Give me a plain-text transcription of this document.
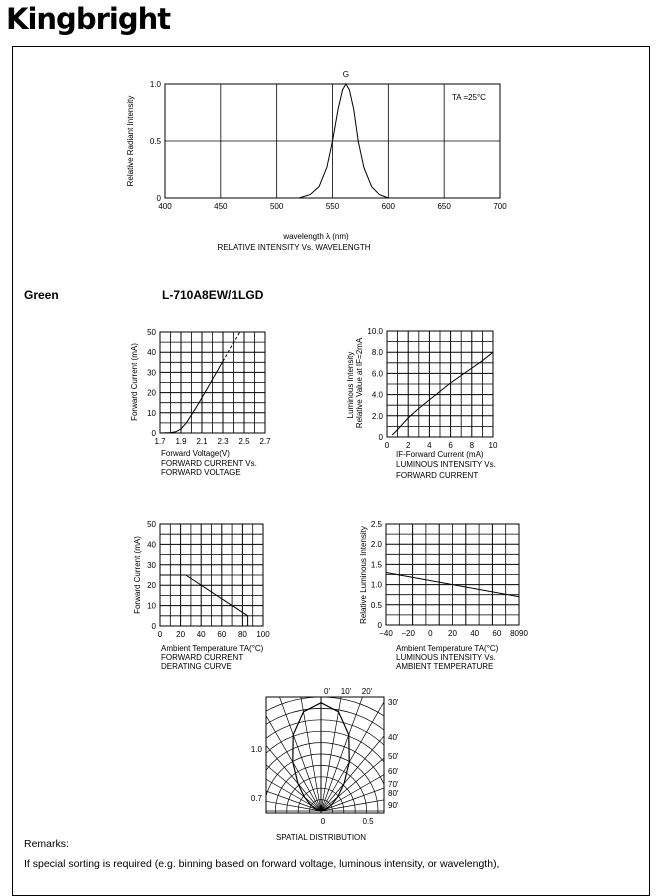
Kingbright
Green	L-710A8EW/1LGD
Remarks:
If special sorting is required (e.g. binning based on forward voltage, luminous intensity, or wavelength),
400	450	500	550	600	650	700
0
0.5
1.0
G
TA =25°C
Relative Radiant Intensity
wavelength λ (nm)
RELATIVE INTENSITY Vs. WAVELENGTH
1.7 1.9 2.1 2.3 2.5 2.7
0
10
20
30
40
50
Forward Current (mA)
Forward Voltage(V)
FORWARD CURRENT Vs.
FORWARD VOLTAGE
0 2 4 6 8 10
0
2.0
4.0
6.0
8.0
10.0
Luminous Intensity Relative Value at IF=2mA
IF-Forward Current (mA)
LUMINOUS INTENSITY Vs.
FORWARD CURRENT
0 20 40 60 80 100
0
10
20
30
40
50
Forward Current (mA)
Ambient Temperature TA(°C)
FORWARD CURRENT
DERATING CURVE
−40 −20 0 20 40 60 8090
0
0.5
1.0
1.5
2.0
2.5
Relative Luminous Intensity
Ambient Temperature TA(°C)
LUMINOUS INTENSITY Vs.
AMBIENT TEMPERATURE
0' 10' 20'
30'
40'
50'
60'
70'
80'
90'
1.0
0.7
0	0.5
SPATIAL DISTRIBUTION
